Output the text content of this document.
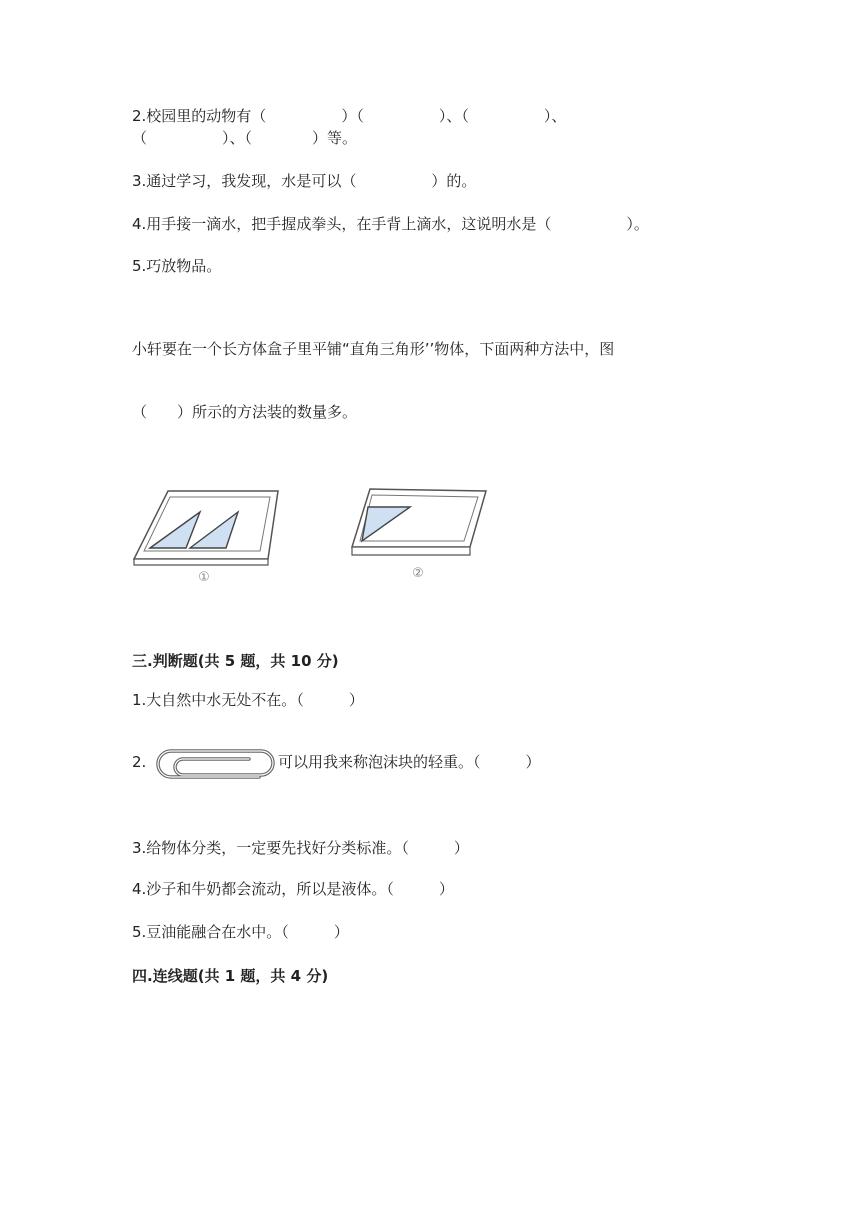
2.校园里的动物有（　　　　　）（　　　　　）、（　　　　　）、
（　　　　　）、（　　　　）等。
3.通过学习，我发现，水是可以（　　　　　）的。
4.用手接一滴水，把手握成拳头，在手背上滴水，这说明水是（　　　　　）。
5.巧放物品。
小轩要在一个长方体盒子里平铺“直角三角形’’物体，下面两种方法中，图
（　　）所示的方法装的数量多。
①	②
三.判断题(共 5 题，共 10 分)
1.大自然中水无处不在。（　　　）
2.	可以用我来称泡沫块的轻重。（　　　）
3.给物体分类，一定要先找好分类标准。（　　　）
4.沙子和牛奶都会流动，所以是液体。（　　　）
5.豆油能融合在水中。（　　　）
四.连线题(共 1 题，共 4 分)
